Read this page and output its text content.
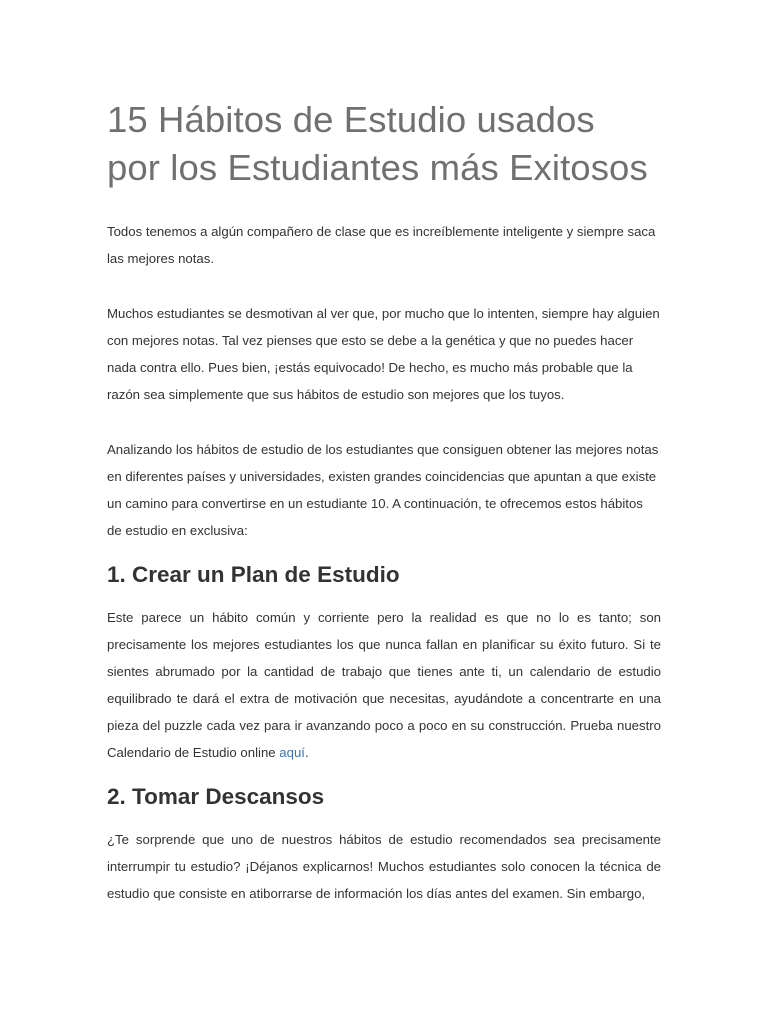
15 Hábitos de Estudio usados
por los Estudiantes más Exitosos

Todos tenemos a algún compañero de clase que es increíblemente inteligente y siempre saca las mejores notas.

Muchos estudiantes se desmotivan al ver que, por mucho que lo intenten, siempre hay alguien con mejores notas. Tal vez pienses que esto se debe a la genética y que no puedes hacer nada contra ello. Pues bien, ¡estás equivocado! De hecho, es mucho más probable que la razón sea simplemente que sus hábitos de estudio son mejores que los tuyos.

Analizando los hábitos de estudio de los estudiantes que consiguen obtener las mejores notas en diferentes países y universidades, existen grandes coincidencias que apuntan a que existe un camino para convertirse en un estudiante 10. A continuación, te ofrecemos estos hábitos de estudio en exclusiva:

1. Crear un Plan de Estudio

Este parece un hábito común y corriente pero la realidad es que no lo es tanto; son precisamente los mejores estudiantes los que nunca fallan en planificar su éxito futuro. Si te sientes abrumado por la cantidad de trabajo que tienes ante ti, un calendario de estudio equilibrado te dará el extra de motivación que necesitas, ayudándote a concentrarte en una pieza del puzzle cada vez para ir avanzando poco a poco en su construcción. Prueba nuestro Calendario de Estudio online aquí.

2. Tomar Descansos

¿Te sorprende que uno de nuestros hábitos de estudio recomendados sea precisamente interrumpir tu estudio? ¡Déjanos explicarnos! Muchos estudiantes solo conocen la técnica de estudio que consiste en atiborrarse de información los días antes del examen. Sin embargo,
